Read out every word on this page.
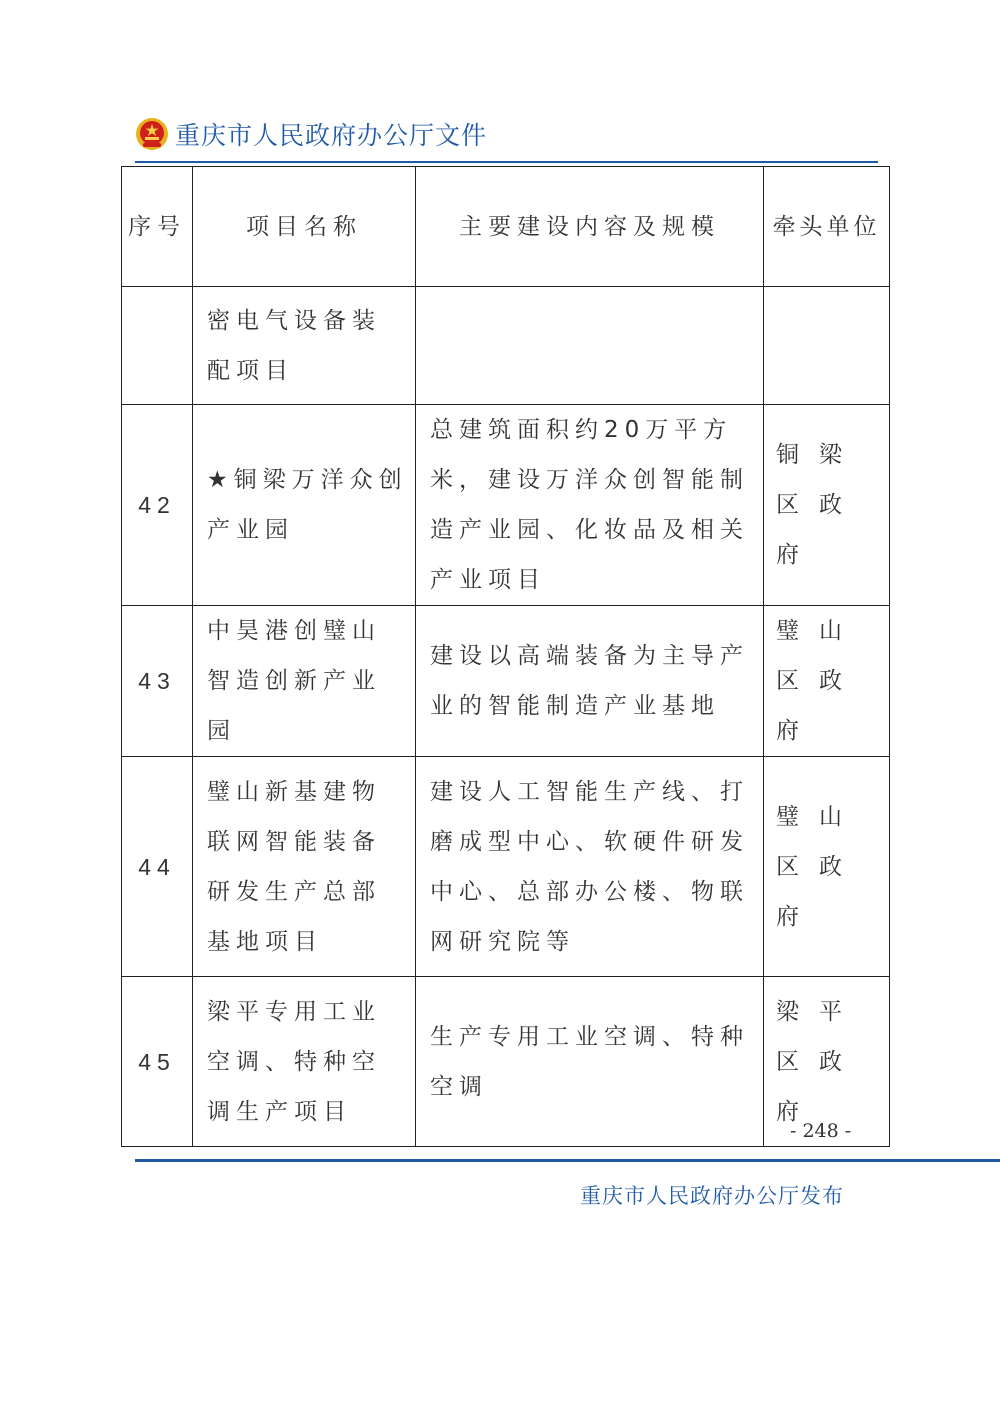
重庆市人民政府办公厅文件
序号	项目名称	主要建设内容及规模	牵头单位
	密电气设备装配项目		
42	★铜梁万洋众创产业园	总建筑面积约20万平方米，建设万洋众创智能制造产业园、化妆品及相关产业项目	铜梁区政府
43	中昊港创璧山智造创新产业园	建设以高端装备为主导产业的智能制造产业基地	璧山区政府
44	璧山新基建物联网智能装备研发生产总部基地项目	建设人工智能生产线、打磨成型中心、软硬件研发中心、总部办公楼、物联网研究院等	璧山区政府
45	梁平专用工业空调、特种空调生产项目	生产专用工业空调、特种空调	梁平区政府
- 248 -
重庆市人民政府办公厅发布
